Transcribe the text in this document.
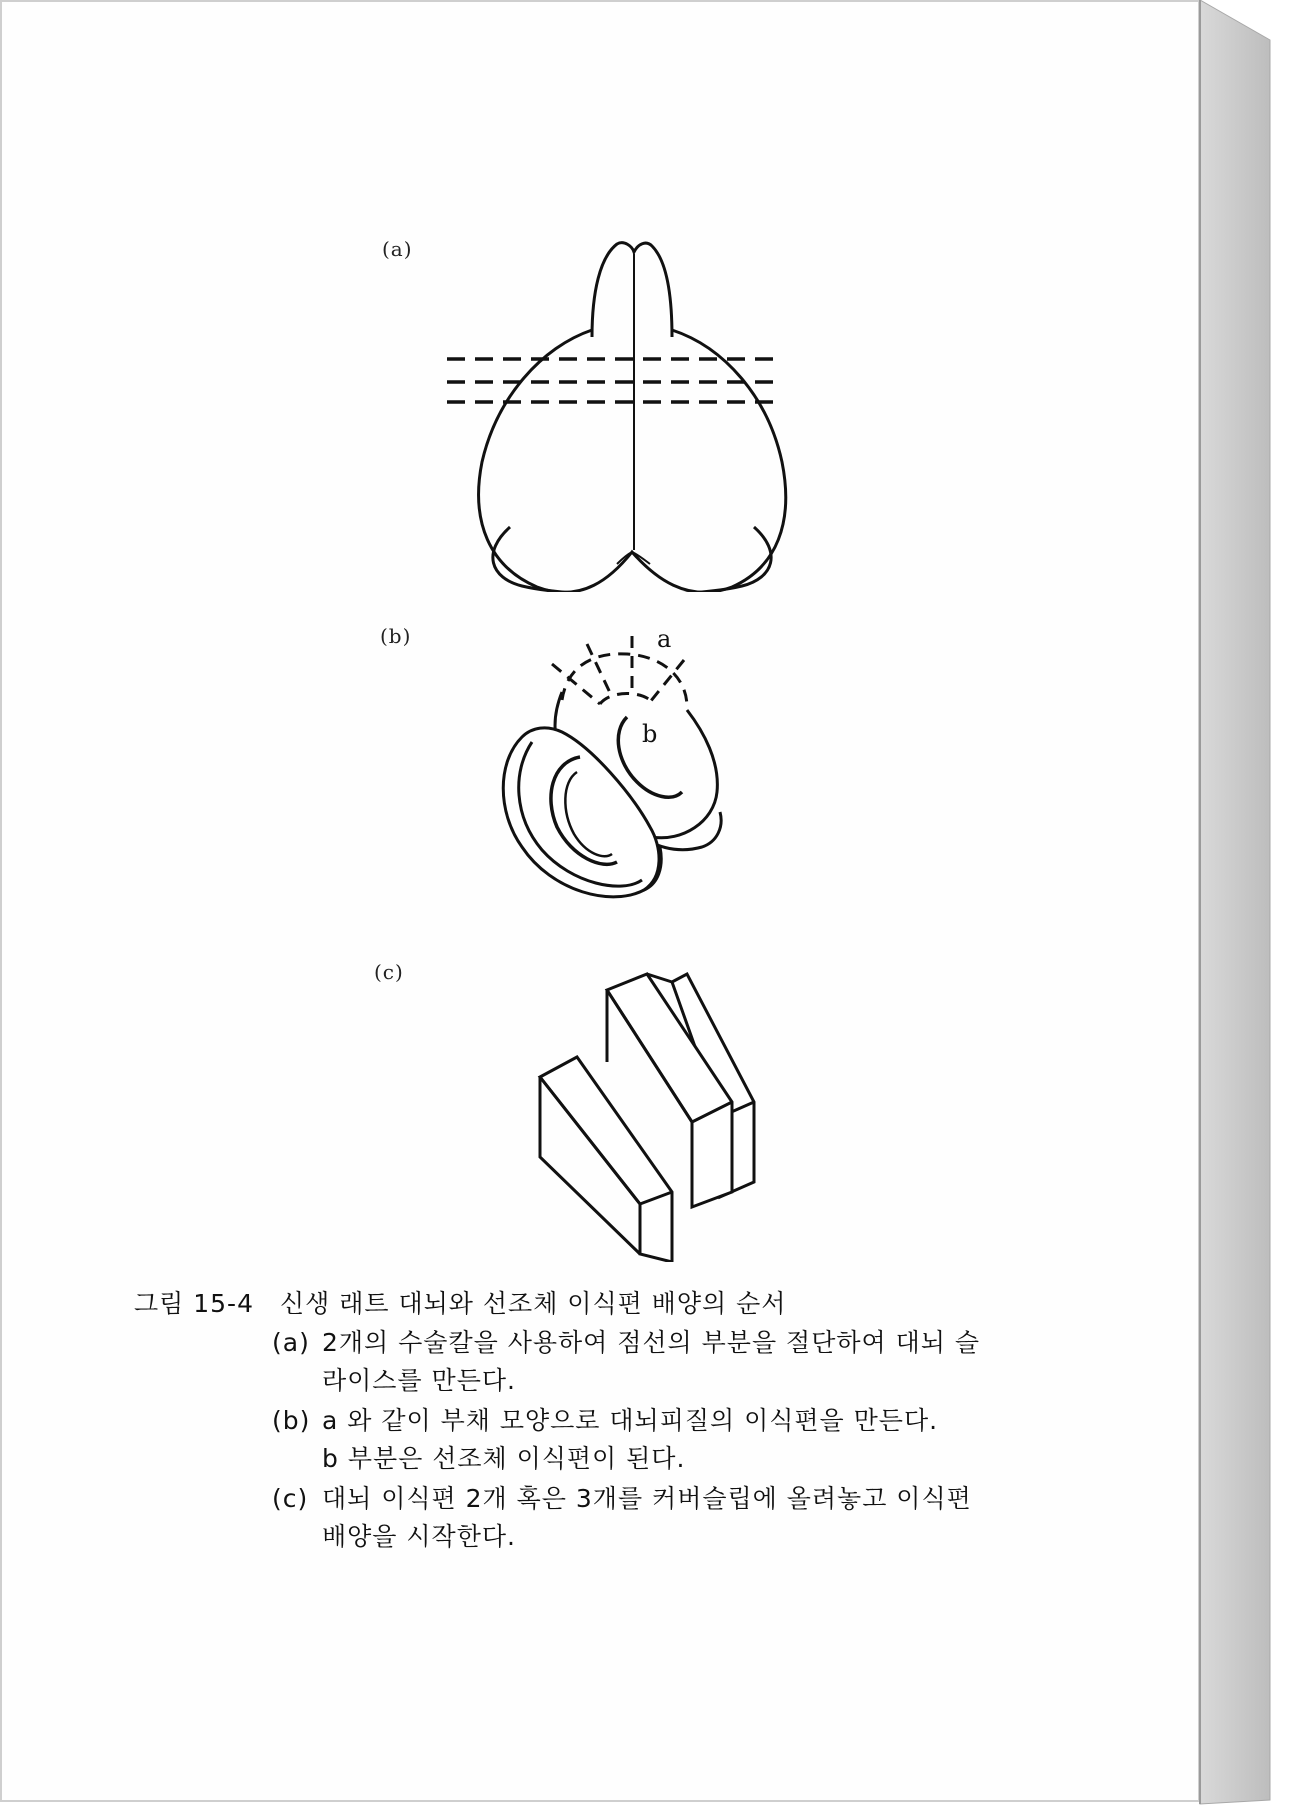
(a)
(b)	a
b
(c)
그림 15-4 신생 래트 대뇌와 선조체 이식편 배양의 순서
(a) 2개의 수술칼을 사용하여 점선의 부분을 절단하여 대뇌 슬
라이스를 만든다.
(b) a 와 같이 부채 모양으로 대뇌피질의 이식편을 만든다.
b 부분은 선조체 이식편이 된다.
(c) 대뇌 이식편 2개 혹은 3개를 커버슬립에 올려놓고 이식편
배양을 시작한다.
